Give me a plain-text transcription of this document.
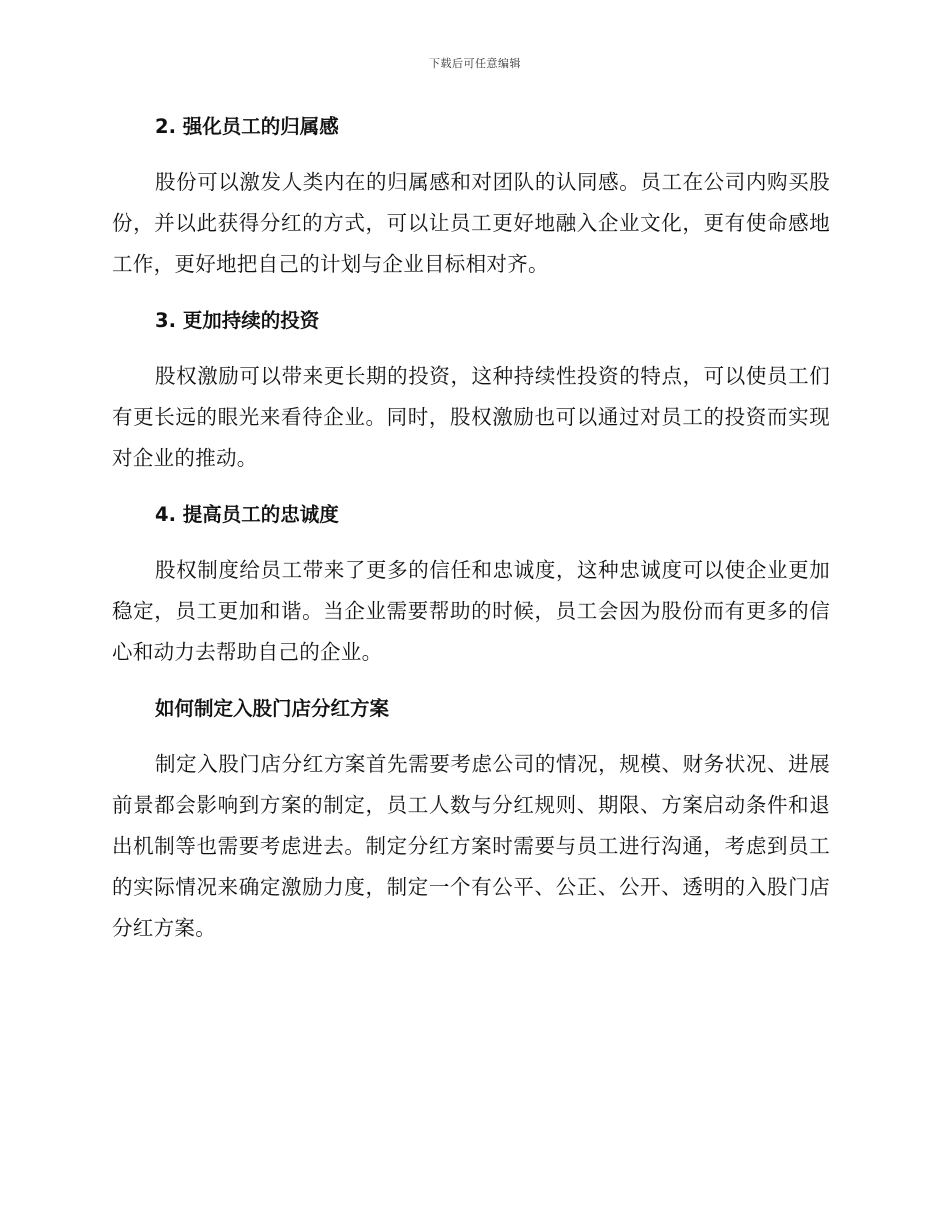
下载后可任意编辑
2. 强化员工的归属感

股份可以激发人类内在的归属感和对团队的认同感。员工在公司内购买股份，并以此获得分红的方式，可以让员工更好地融入企业文化，更有使命感地工作，更好地把自己的计划与企业目标相对齐。

3. 更加持续的投资

股权激励可以带来更长期的投资，这种持续性投资的特点，可以使员工们有更长远的眼光来看待企业。同时，股权激励也可以通过对员工的投资而实现对企业的推动。

4. 提高员工的忠诚度

股权制度给员工带来了更多的信任和忠诚度，这种忠诚度可以使企业更加稳定，员工更加和谐。当企业需要帮助的时候，员工会因为股份而有更多的信心和动力去帮助自己的企业。

如何制定入股门店分红方案

制定入股门店分红方案首先需要考虑公司的情况，规模、财务状况、进展前景都会影响到方案的制定，员工人数与分红规则、期限、方案启动条件和退出机制等也需要考虑进去。制定分红方案时需要与员工进行沟通，考虑到员工的实际情况来确定激励力度，制定一个有公平、公正、公开、透明的入股门店分红方案。
